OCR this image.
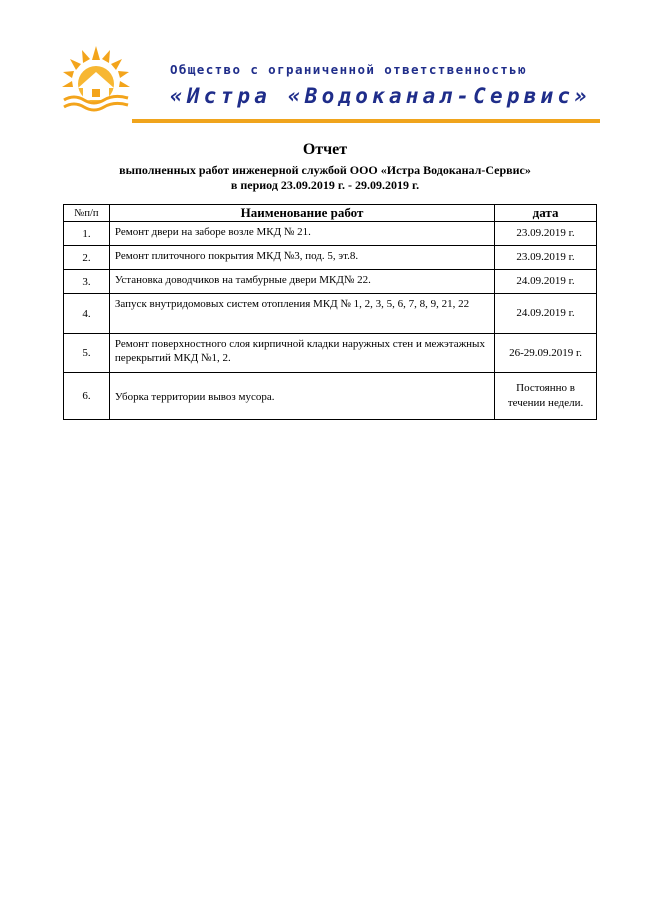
Общество с ограниченной ответственностью
«Истра «Водоканал-Сервис»
Отчет
выполненных работ инженерной службой ООО «Истра Водоканал-Сервис»
в период 23.09.2019 г. - 29.09.2019 г.
№п/п	Наименование работ	дата
1.	Ремонт двери на заборе возле МКД № 21.	23.09.2019 г.
2.	Ремонт плиточного покрытия МКД №3, под. 5, эт.8.	23.09.2019 г.
3.	Установка доводчиков на тамбурные двери МКД№ 22.	24.09.2019 г.
4.	Запуск внутридомовых систем отопления МКД № 1, 2, 3, 5, 6, 7, 8, 9, 21, 22	24.09.2019 г.
5.	Ремонт поверхностного слоя кирпичной кладки наружных стен и межэтажных перекрытий МКД №1, 2.	26-29.09.2019 г.
6.	Уборка территории вывоз мусора.	Постоянно в течении недели.
